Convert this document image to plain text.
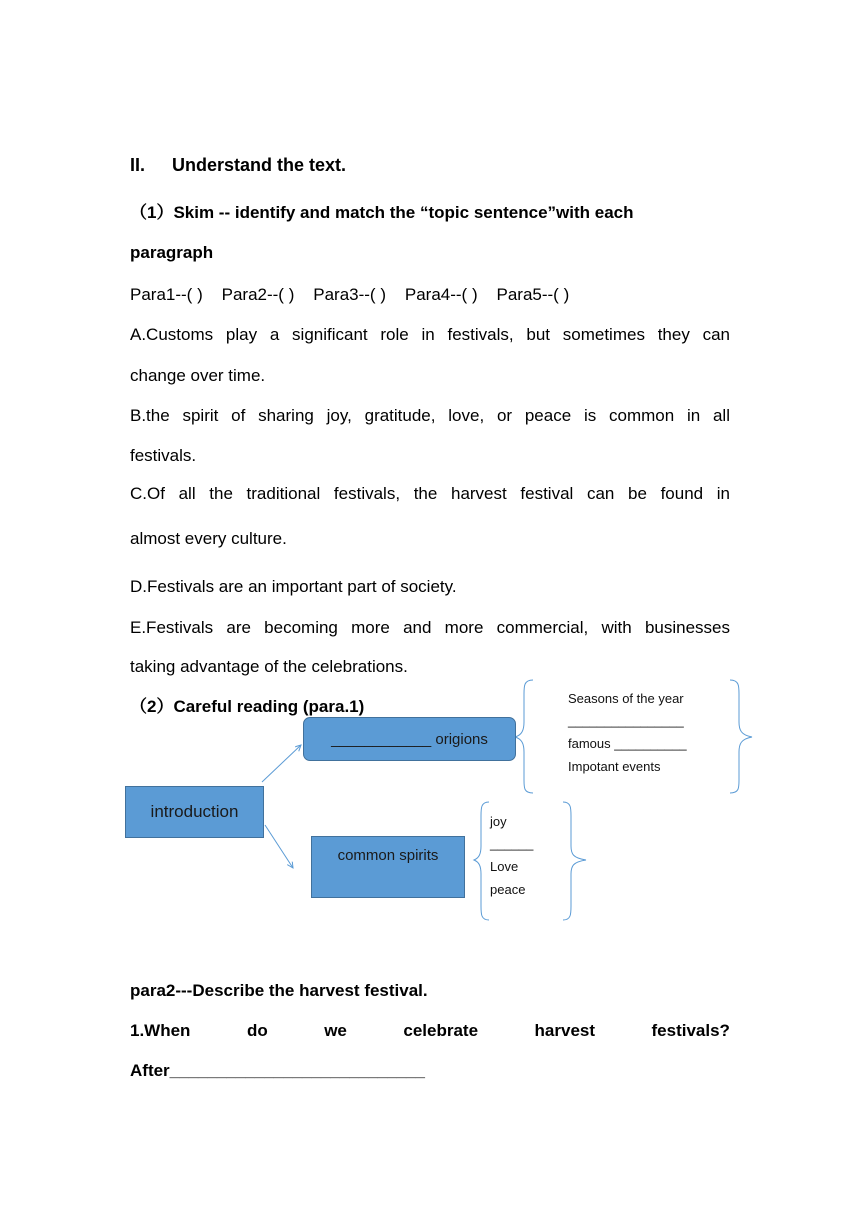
II. Understand the text.
（1）Skim -- identify and match the “topic sentence”with each
paragraph
Para1--( )    Para2--( )    Para3--( )    Para4--( )    Para5--( )
A.Customs play a significant role in festivals, but sometimes they can
change over time.
B.the spirit of sharing joy, gratitude, love, or peace is common in all
festivals.
C.Of all the traditional festivals, the harvest festival can be found in
almost every culture.
D.Festivals are an important part of society.
E.Festivals are becoming more and more commercial, with businesses
taking advantage of the celebrations.
（2）Careful reading (para.1)
introduction
____________ origions
common spirits
Seasons of the year
________________
famous __________
Impotant events
joy
______
Love
peace
para2---Describe the harvest festival.
1.When	do	we	celebrate	harvest	festivals?
After___________________________
